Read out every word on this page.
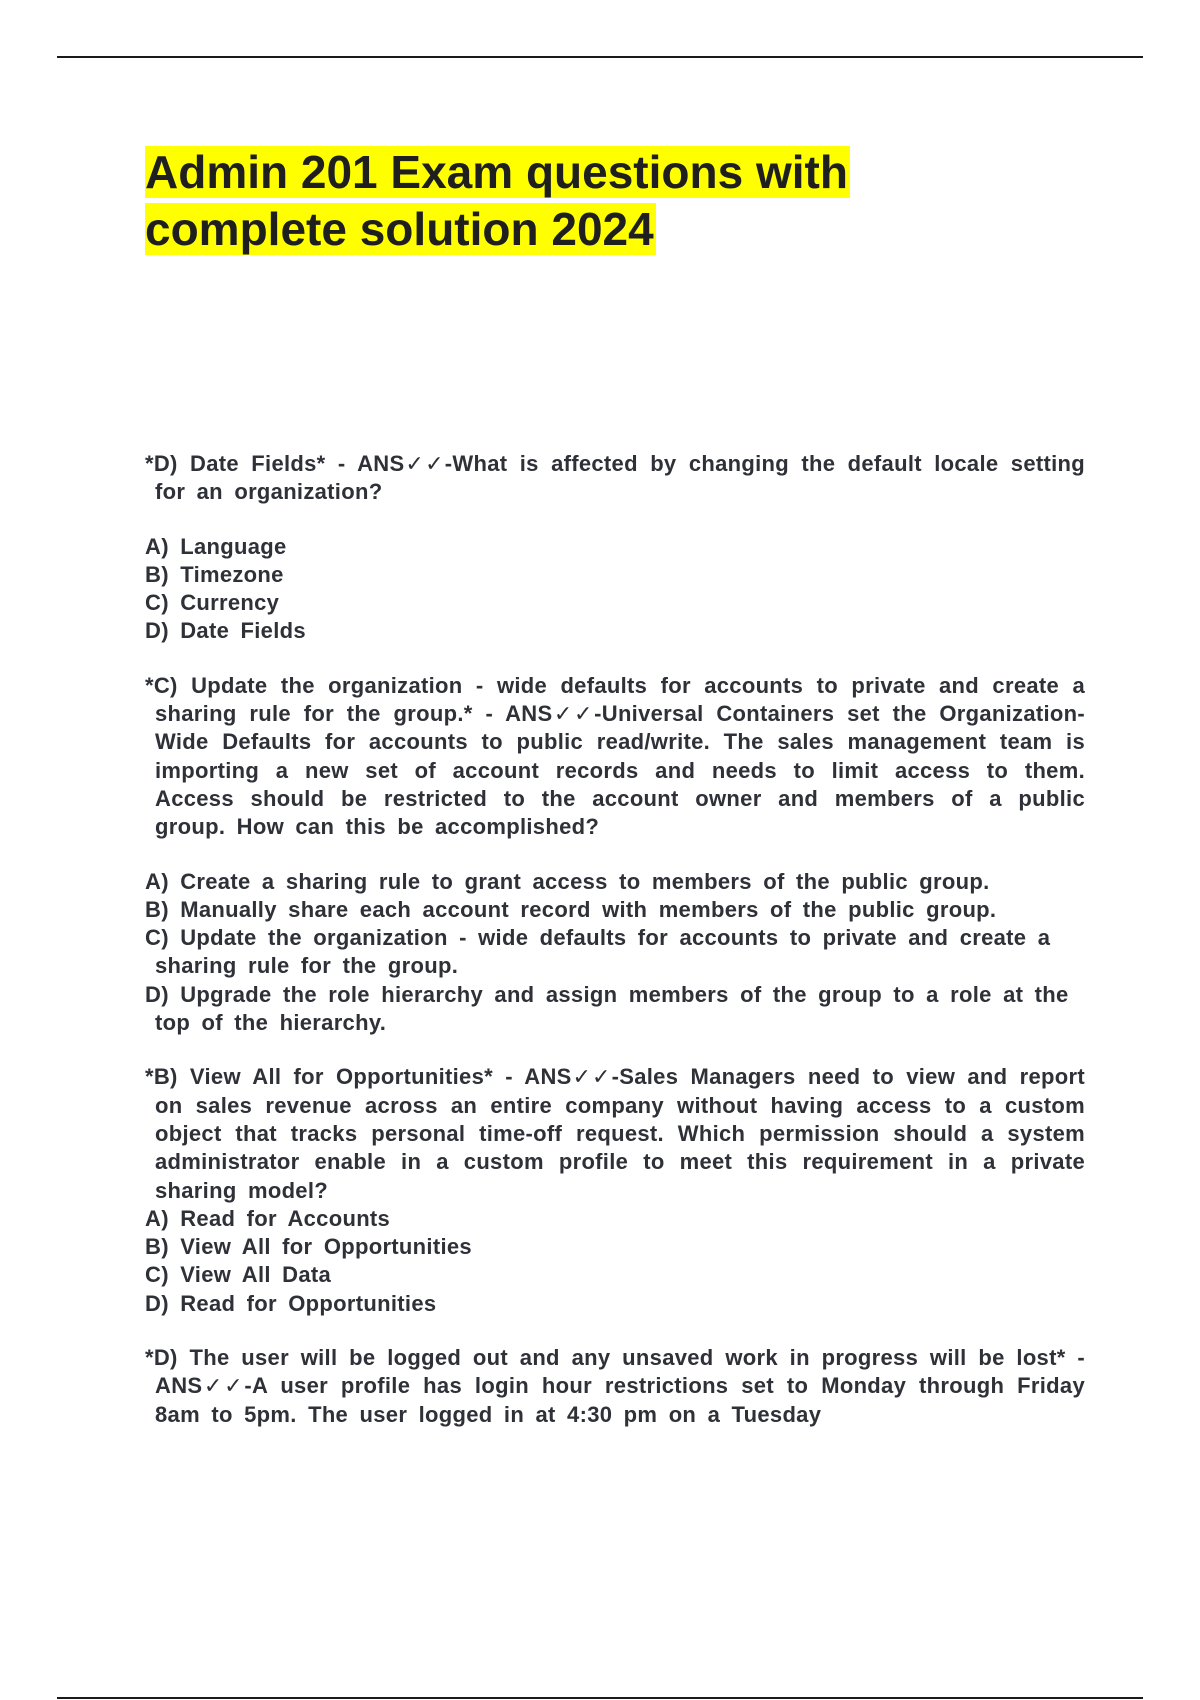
Admin 201 Exam questions with complete solution 2024

*D) Date Fields* - ANS✓✓-What is affected by changing the default locale setting for an organization?

A) Language
B) Timezone
C) Currency
D) Date Fields

*C) Update the organization - wide defaults for accounts to private and create a sharing rule for the group.* - ANS✓✓-Universal Containers set the Organization-Wide Defaults for accounts to public read/write. The sales management team is importing a new set of account records and needs to limit access to them. Access should be restricted to the account owner and members of a public group. How can this be accomplished?

A) Create a sharing rule to grant access to members of the public group.
B) Manually share each account record with members of the public group.
C) Update the organization - wide defaults for accounts to private and create a sharing rule for the group.
D) Upgrade the role hierarchy and assign members of the group to a role at the top of the hierarchy.

*B) View All for Opportunities* - ANS✓✓-Sales Managers need to view and report on sales revenue across an entire company without having access to a custom object that tracks personal time-off request. Which permission should a system administrator enable in a custom profile to meet this requirement in a private sharing model?

A) Read for Accounts
B) View All for Opportunities
C) View All Data
D) Read for Opportunities

*D) The user will be logged out and any unsaved work in progress will be lost* - ANS✓✓-A user profile has login hour restrictions set to Monday through Friday 8am to 5pm. The user logged in at 4:30 pm on a Tuesday
